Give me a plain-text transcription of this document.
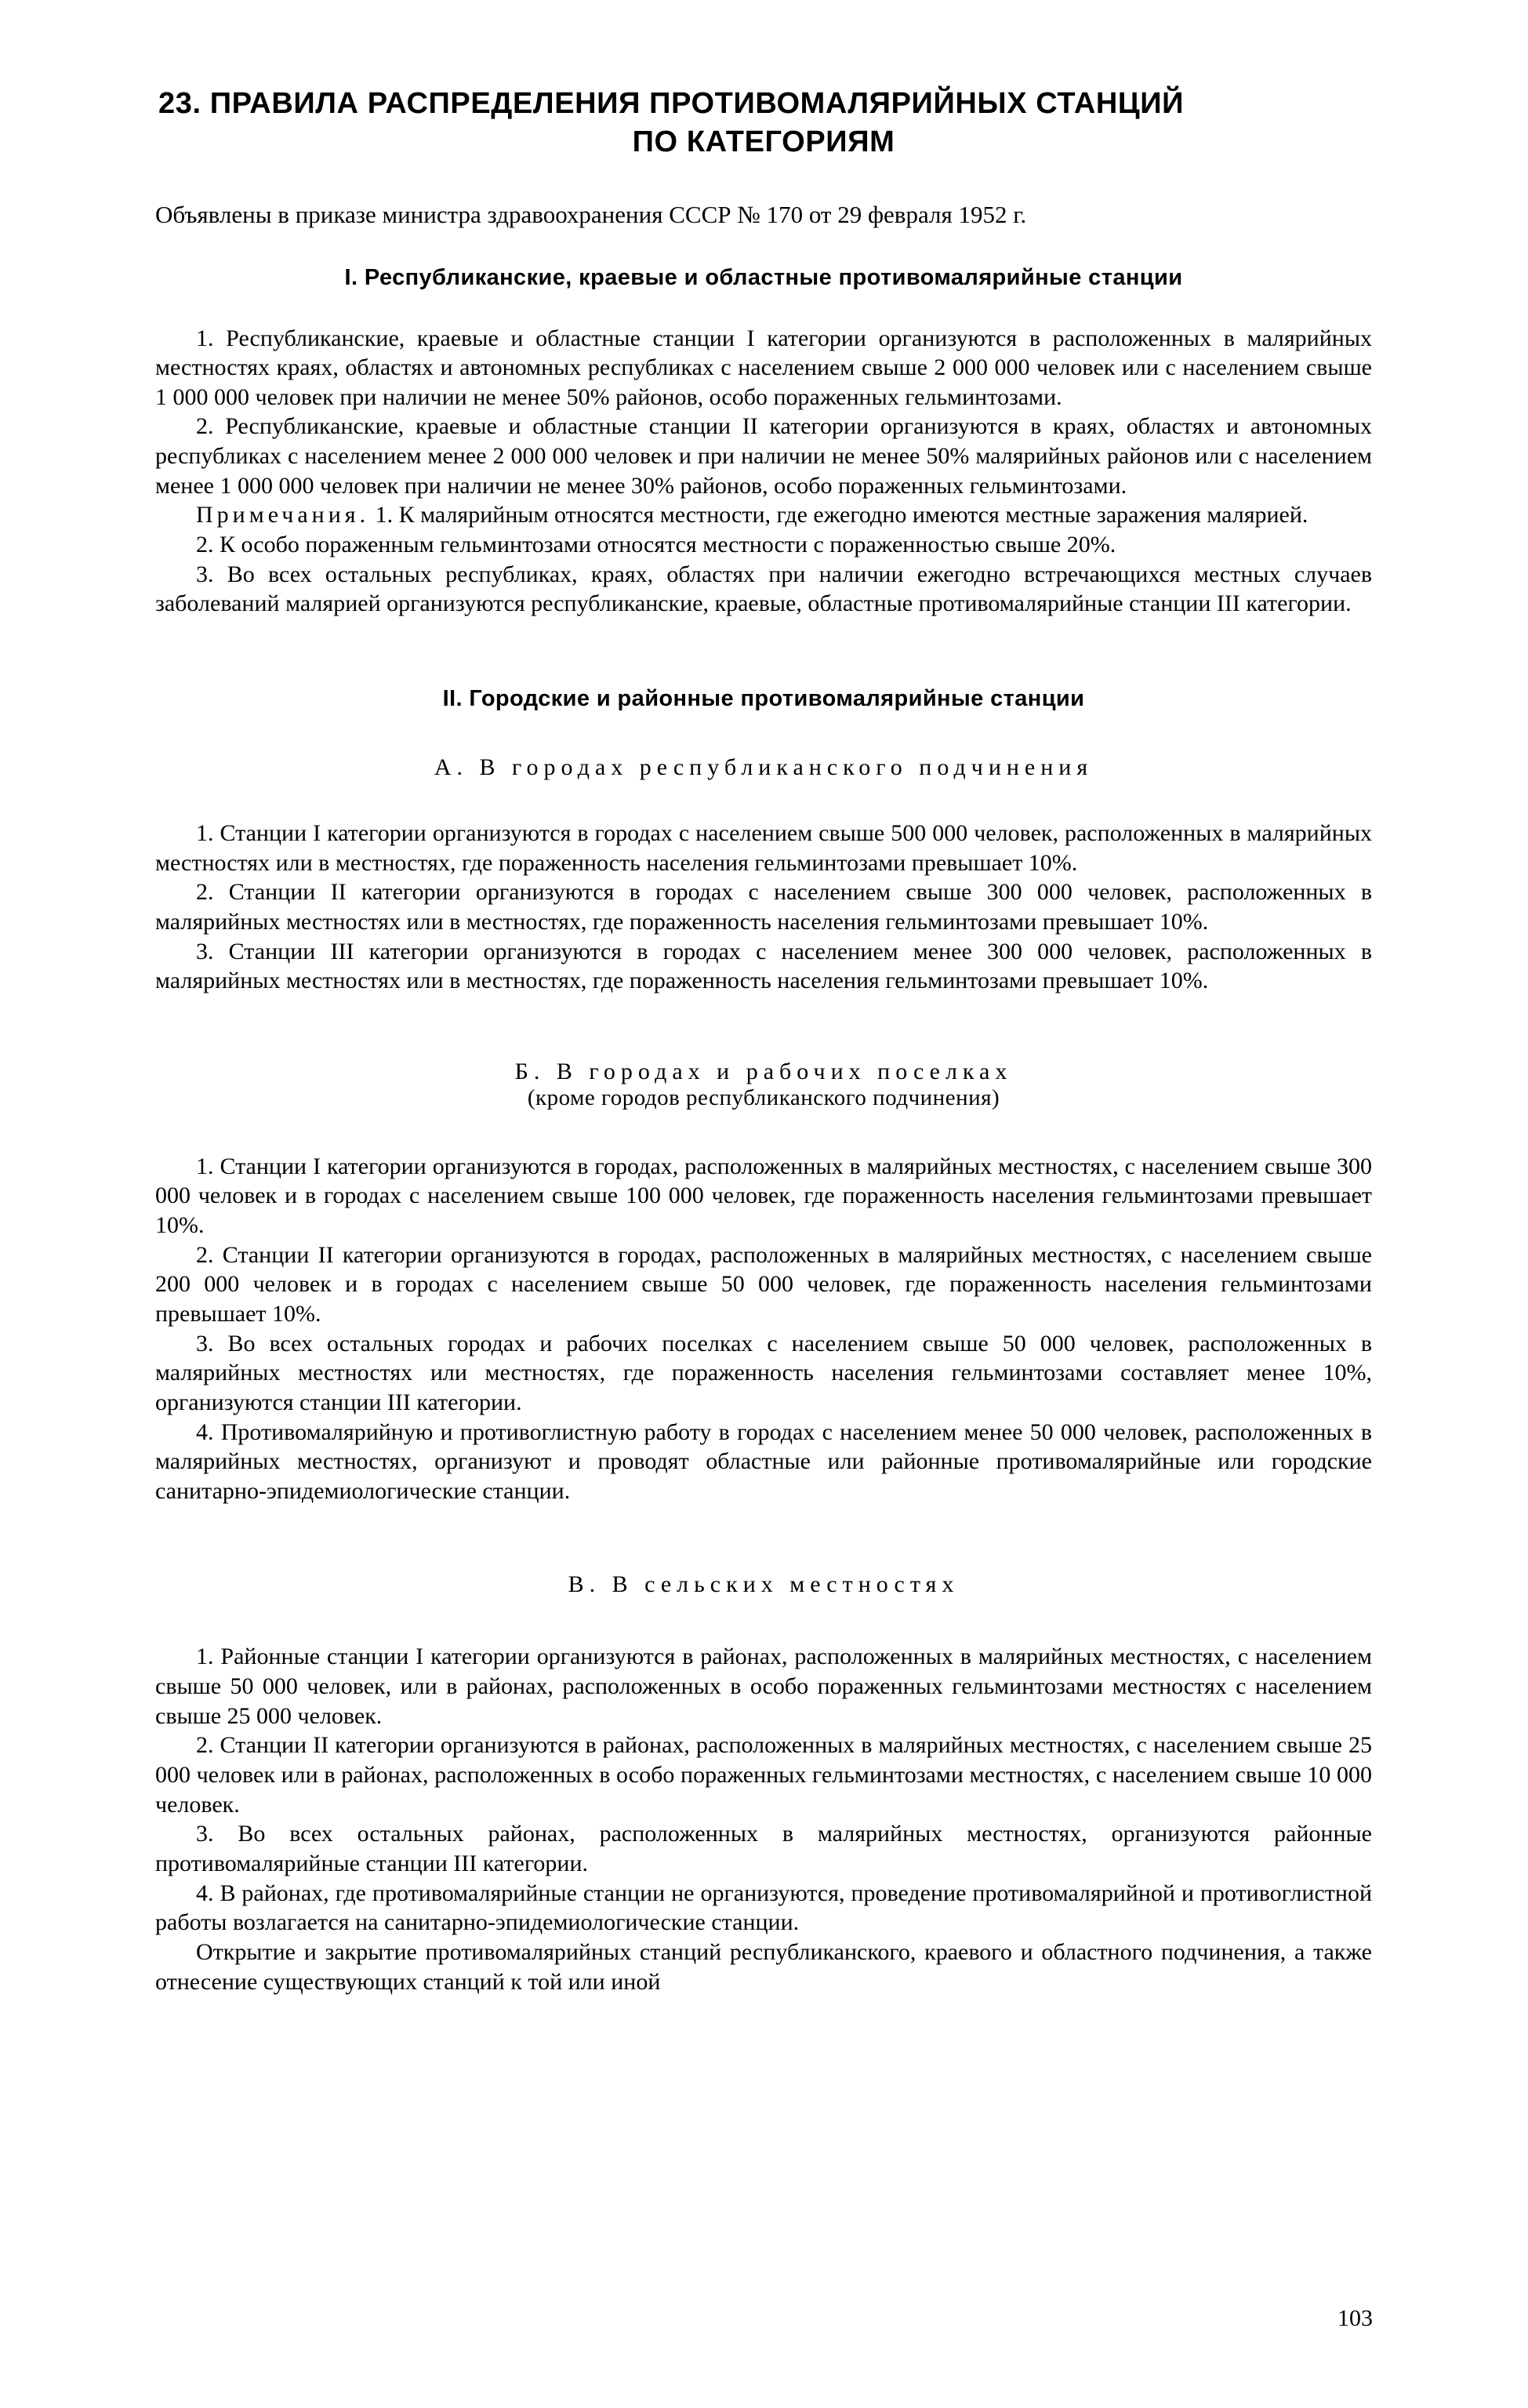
23. ПРАВИЛА РАСПРЕДЕЛЕНИЯ ПРОТИВОМАЛЯРИЙНЫХ СТАНЦИЙ
ПО КАТЕГОРИЯМ

Объявлены в приказе министра здравоохранения СССР № 170 от 29 февраля 1952 г.

I. Республиканские, краевые и областные противомалярийные станции

1. Республиканские, краевые и областные станции I категории организуются в расположенных в малярийных местностях краях, областях и автономных республиках с населением свыше 2 000 000 человек или с населением свыше 1 000 000 человек при наличии не менее 50% районов, особо пораженных гельминтозами.

2. Республиканские, краевые и областные станции II категории организуются в краях, областях и автономных республиках с населением менее 2 000 000 человек и при наличии не менее 50% малярийных районов или с населением менее 1 000 000 человек при наличии не менее 30% районов, особо пораженных гельминтозами.

Примечания. 1. К малярийным относятся местности, где ежегодно имеются местные заражения малярией.

2. К особо пораженным гельминтозами относятся местности с пораженностью свыше 20%.

3. Во всех остальных республиках, краях, областях при наличии ежегодно встречающихся местных случаев заболеваний малярией организуются республиканские, краевые, областные противомалярийные станции III категории.

II. Городские и районные противомалярийные станции
А. В городах республиканского подчинения

1. Станции I категории организуются в городах с населением свыше 500 000 человек, расположенных в малярийных местностях или в местностях, где пораженность населения гельминтозами превышает 10%.

2. Станции II категории организуются в городах с населением свыше 300 000 человек, расположенных в малярийных местностях или в местностях, где пораженность населения гельминтозами превышает 10%.

3. Станции III категории организуются в городах с населением менее 300 000 человек, расположенных в малярийных местностях или в местностях, где пораженность населения гельминтозами превышает 10%.

Б. В городах и рабочих поселках
(кроме городов республиканского подчинения)

1. Станции I категории организуются в городах, расположенных в малярийных местностях, с населением свыше 300 000 человек и в городах с населением свыше 100 000 человек, где пораженность населения гельминтозами превышает 10%.

2. Станции II категории организуются в городах, расположенных в малярийных местностях, с населением свыше 200 000 человек и в городах с населением свыше 50 000 человек, где пораженность населения гельминтозами превышает 10%.

3. Во всех остальных городах и рабочих поселках с населением свыше 50 000 человек, расположенных в малярийных местностях или местностях, где пораженность населения гельминтозами составляет менее 10%, организуются станции III категории.

4. Противомалярийную и противоглистную работу в городах с населением менее 50 000 человек, расположенных в малярийных местностях, организуют и проводят областные или районные противомалярийные или городские санитарно-эпидемиологические станции.

В. В сельских местностях

1. Районные станции I категории организуются в районах, расположенных в малярийных местностях, с населением свыше 50 000 человек, или в районах, расположенных в особо пораженных гельминтозами местностях с населением свыше 25 000 человек.

2. Станции II категории организуются в районах, расположенных в малярийных местностях, с населением свыше 25 000 человек или в районах, расположенных в особо пораженных гельминтозами местностях, с населением свыше 10 000 человек.

3. Во всех остальных районах, расположенных в малярийных местностях, организуются районные противомалярийные станции III категории.

4. В районах, где противомалярийные станции не организуются, проведение противомалярийной и противоглистной работы возлагается на санитарно-эпидемиологические станции.

Открытие и закрытие противомалярийных станций республиканского, краевого и областного подчинения, а также отнесение существующих станций к той или иной

103
